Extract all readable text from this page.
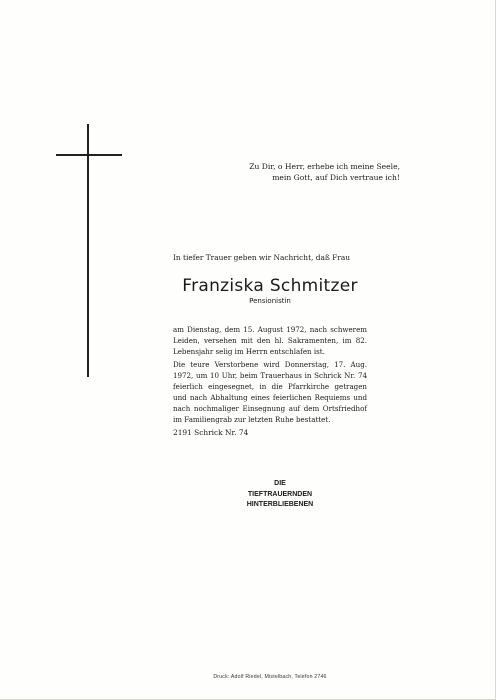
Zu Dir, o Herr, erhebe ich meine Seele,
mein Gott, auf Dich vertraue ich!
In tiefer Trauer geben wir Nachricht, daß Frau
Franziska Schmitzer
Pensionistin

am Dienstag, dem 15. August 1972, nach schwerem Leiden, versehen mit den hl. Sakramenten, im 82. Lebensjahr selig im Herrn entschlafen ist.

Die teure Verstorbene wird Donnerstag, 17. Aug. 1972, um 10 Uhr, beim Trauerhaus in Schrick Nr. 74 feierlich eingesegnet, in die Pfarrkirche getragen und nach Abhaltung eines feierlichen Requiems und nach nochmaliger Einsegnung auf dem Ortsfriedhof im Familiengrab zur letzten Ruhe bestattet.

2191 Schrick Nr. 74
DIE
TIEFTRAUERNDEN
HINTERBLIEBENEN
Druck: Adolf Riedel, Mistelbach, Telefon 2746
